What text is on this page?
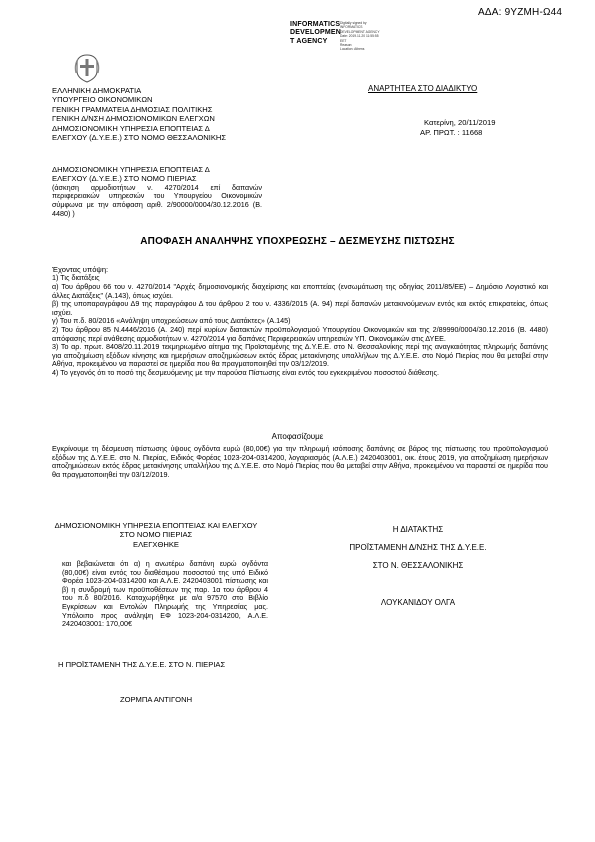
ΑΔΑ: 9ΥΖΜΗ-Ω44
INFORMATICS
DEVELOPMEN
T AGENCY
Digitally signed by
INFORMATICS
DEVELOPMENT AGENCY
Date: 2019.11.20 11:55:55
EET
Reason:
Location: Athens
ΕΛΛΗΝΙΚΗ ΔΗΜΟΚΡΑΤΙΑ
ΥΠΟΥΡΓΕΙΟ ΟΙΚΟΝΟΜΙΚΩΝ
ΓΕΝΙΚΗ ΓΡΑΜΜΑΤΕΙΑ ΔΗΜΟΣΙΑΣ ΠΟΛΙΤΙΚΗΣ
ΓΕΝΙΚΗ Δ/ΝΣΗ ΔΗΜΟΣΙΟΝΟΜΙΚΩΝ ΕΛΕΓΧΩΝ
ΔΗΜΟΣΙΟΝΟΜΙΚΗ ΥΠΗΡΕΣΙΑ ΕΠΟΠΤΕΙΑΣ Δ
ΕΛΕΓΧΟΥ (Δ.Υ.Ε.Ε.) ΣΤΟ ΝΟΜΟ ΘΕΣΣΑΛΟΝΙΚΗΣ
ΑΝΑΡΤΗΤΕΑ ΣΤΟ ΔΙΑΔΙΚΤΥΟ
Κατερίνη, 20/11/2019
ΑΡ. ΠΡΩΤ. : 11668
ΔΗΜΟΣΙΟΝΟΜΙΚΗ ΥΠΗΡΕΣΙΑ ΕΠΟΠΤΕΙΑΣ Δ
ΕΛΕΓΧΟΥ (Δ.Υ.Ε.Ε.) ΣΤΟ ΝΟΜΟ ΠΙΕΡΙΑΣ

(άσκηση αρμοδιοτήτων ν. 4270/2014 επί δαπανών περιφερειακών υπηρεσιών του Υπουργείου Οικονομικών σύμφωνα με την απόφαση αριθ. 2/90000/0004/30.12.2016 (Β. 4480) )

ΑΠΟΦΑΣΗ ΑΝΑΛΗΨΗΣ ΥΠΟΧΡΕΩΣΗΣ – ΔΕΣΜΕΥΣΗΣ ΠΙΣΤΩΣΗΣ
Έχοντας υπόψη:
1) Τις διατάξεις

α) Του άρθρου 66 του ν. 4270/2014 "Αρχές δημοσιονομικής διαχείρισης και εποπτείας (ενσωμάτωση της οδηγίας 2011/85/ΕΕ) – Δημόσιο Λογιστικό και άλλες Διατάξεις" (Α.143), όπως ισχύει.

β) της υποπαραγράφου Δ9 της παραγράφου Δ του άρθρου 2 του ν. 4336/2015 (Α. 94) περί δαπανών μετακινούμενων εντός και εκτός επικρατείας, όπως ισχύει.

γ) Του π.δ. 80/2016 «Ανάληψη υποχρεώσεων από τους Διατάκτες» (Α.145)

2) Του άρθρου 85 Ν.4446/2016 (Α. 240) περί κυρίων διατακτών προϋπολογισμού Υπουργείου Οικονομικών και της 2/89990/0004/30.12.2016 (Β. 4480) απόφασης περί ανάθεσης αρμοδιοτήτων ν. 4270/2014 για δαπάνες Περιφερειακών υπηρεσιών ΥΠ. Οικονομικών στις ΔΥΕΕ.

3) Το αρ. πρωτ. 8408/20.11.2019 τεκμηριωμένο αίτημα της Προϊσταμένης της Δ.Υ.Ε.Ε. στο Ν. Θεσσαλονίκης περί της αναγκαιότητας πληρωμής δαπάνης για αποζημίωση εξόδων κίνησης και ημερήσιων αποζημιώσεων εκτός έδρας μετακίνησης υπαλλήλων της Δ.Υ.Ε.Ε. στο Νομό Πιερίας που θα μεταβεί στην Αθήνα, προκειμένου να παραστεί σε ημερίδα που θα πραγματοποιηθεί την 03/12/2019.

4) Το γεγονός ότι το ποσό της δεσμευόμενης με την παρούσα Πίστωσης είναι εντός του εγκεκριμένου ποσοστού διάθεσης.

Αποφασίζουμε

Εγκρίνουμε τη δέσμευση πίστωσης ύψους ογδόντα ευρώ (80,00€) για την πληρωμή ισόποσης δαπάνης σε βάρος της πίστωσης του προϋπολογισμού εξόδων της Δ.Υ.Ε.Ε. στο Ν. Πιερίας, Ειδικός Φορέας 1023-204-0314200, λογαριασμός (Α.Λ.Ε.) 2420403001, οικ. έτους 2019, για αποζημίωση ημερήσιων αποζημιώσεων εκτός έδρας μετακίνησης υπαλλήλου της Δ.Υ.Ε.Ε. στο Νομό Πιερίας που θα μεταβεί στην Αθήνα, προκειμένου να παραστεί σε ημερίδα που θα πραγματοποιηθεί την 03/12/2019.

ΔΗΜΟΣΙΟΝΟΜΙΚΗ ΥΠΗΡΕΣΙΑ ΕΠΟΠΤΕΙΑΣ ΚΑΙ ΕΛΕΓΧΟΥ
ΣΤΟ ΝΟΜΟ ΠΙΕΡΙΑΣ
ΕΛΕΓΧΘΗΚΕ

και βεβαιώνεται ότι α) η ανωτέρω δαπάνη ευρώ ογδόντα (80,00€) είναι εντός του διαθέσιμου ποσοστού της υπό Ειδικό Φορέα 1023-204-0314200 και Α.Λ.Ε. 2420403001 πίστωσης και β) η συνδρομή των προϋποθέσεων της παρ. 1α του άρθρου 4 του π.δ 80/2016. Καταχωρήθηκε με α/α 97570 στο Βιβλίο Εγκρίσεων και Εντολών Πληρωμής της Υπηρεσίας μας. Υπόλοιπο προς ανάληψη ΕΦ 1023-204-0314200, Α.Λ.Ε. 2420403001: 170,00€

Η ΠΡΟΪΣΤΑΜΕΝΗ ΤΗΣ Δ.Υ.Ε.Ε. ΣΤΟ Ν. ΠΙΕΡΙΑΣ
ΖΟΡΜΠΑ ΑΝΤΙΓΟΝΗ
Η ΔΙΑΤΑΚΤΗΣ
ΠΡΟΪΣΤΑΜΕΝΗ Δ/ΝΣΗΣ ΤΗΣ Δ.Υ.Ε.Ε.
ΣΤΟ Ν. ΘΕΣΣΑΛΟΝΙΚΗΣ
ΛΟΥΚΑΝΙΔΟΥ ΟΛΓΑ
